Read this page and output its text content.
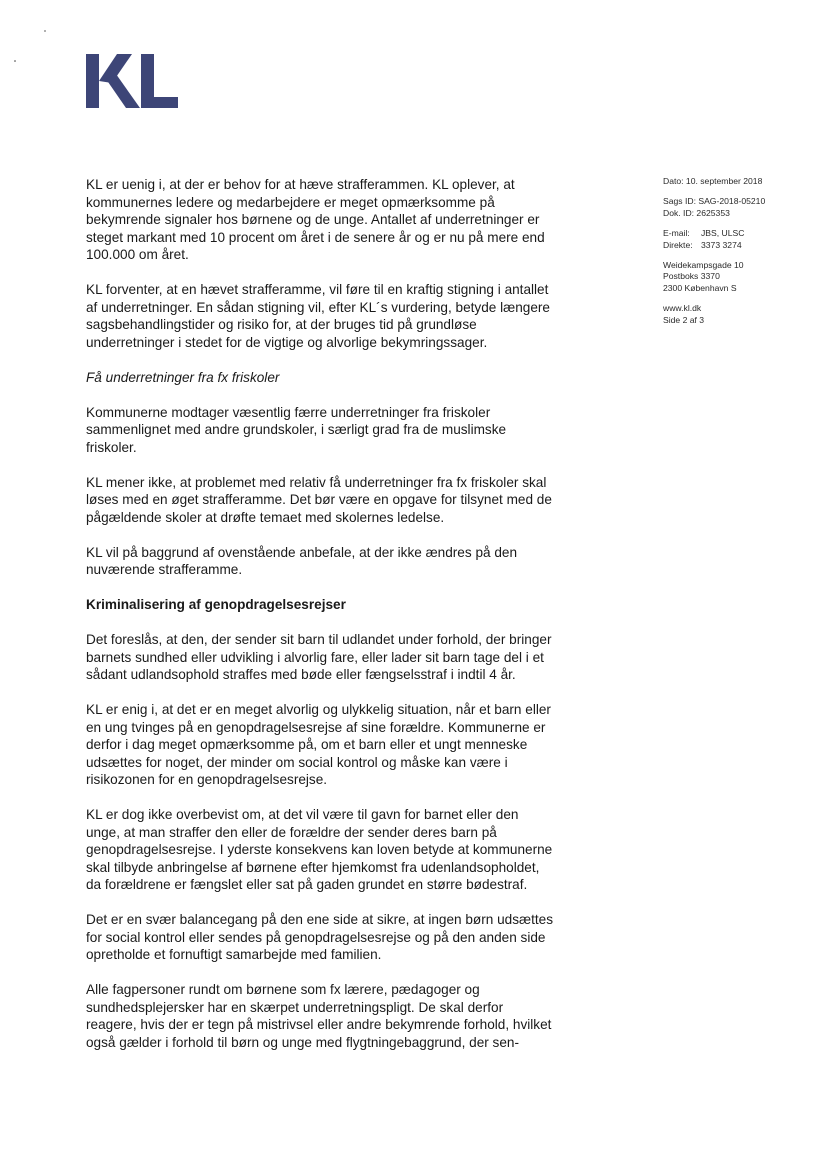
Dato: 10. september 2018
Sags ID: SAG-2018-05210
Dok. ID: 2625353
E-mail: JBS, ULSC
Direkte: 3373 3274
Weidekampsgade 10
Postboks 3370
2300 København S
www.kl.dk
Side 2 af 3

KL er uenig i, at der er behov for at hæve strafferammen. KL oplever, at kommunernes ledere og medarbejdere er meget opmærksomme på bekymrende signaler hos børnene og de unge. Antallet af underretninger er steget markant med 10 procent om året i de senere år og er nu på mere end 100.000 om året.

KL forventer, at en hævet strafferamme, vil føre til en kraftig stigning i antallet af underretninger. En sådan stigning vil, efter KL´s vurdering, betyde længere sagsbehandlingstider og risiko for, at der bruges tid på grundløse underretninger i stedet for de vigtige og alvorlige bekymringssager.

Få underretninger fra fx friskoler

Kommunerne modtager væsentlig færre underretninger fra friskoler sammenlignet med andre grundskoler, i særligt grad fra de muslimske friskoler.

KL mener ikke, at problemet med relativ få underretninger fra fx friskoler skal løses med en øget strafferamme. Det bør være en opgave for tilsynet med de pågældende skoler at drøfte temaet med skolernes ledelse.

KL vil på baggrund af ovenstående anbefale, at der ikke ændres på den nuværende strafferamme.

Kriminalisering af genopdragelsesrejser

Det foreslås, at den, der sender sit barn til udlandet under forhold, der bringer barnets sundhed eller udvikling i alvorlig fare, eller lader sit barn tage del i et sådant udlandsophold straffes med bøde eller fængselsstraf i indtil 4 år.

KL er enig i, at det er en meget alvorlig og ulykkelig situation, når et barn eller en ung tvinges på en genopdragelsesrejse af sine forældre. Kommunerne er derfor i dag meget opmærksomme på, om et barn eller et ungt menneske udsættes for noget, der minder om social kontrol og måske kan være i risikozonen for en genopdragelsesrejse.

KL er dog ikke overbevist om, at det vil være til gavn for barnet eller den unge, at man straffer den eller de forældre der sender deres barn på genopdragelsesrejse. I yderste konsekvens kan loven betyde at kommunerne skal tilbyde anbringelse af børnene efter hjemkomst fra udenlandsopholdet, da forældrene er fængslet eller sat på gaden grundet en større bødestraf.

Det er en svær balancegang på den ene side at sikre, at ingen børn udsættes for social kontrol eller sendes på genopdragelsesrejse og på den anden side opretholde et fornuftigt samarbejde med familien.

Alle fagpersoner rundt om børnene som fx lærere, pædagoger og sundhedsplejersker har en skærpet underretningspligt. De skal derfor reagere, hvis der er tegn på mistrivsel eller andre bekymrende forhold, hvilket også gælder i forhold til børn og unge med flygtningebaggrund, der sen-
